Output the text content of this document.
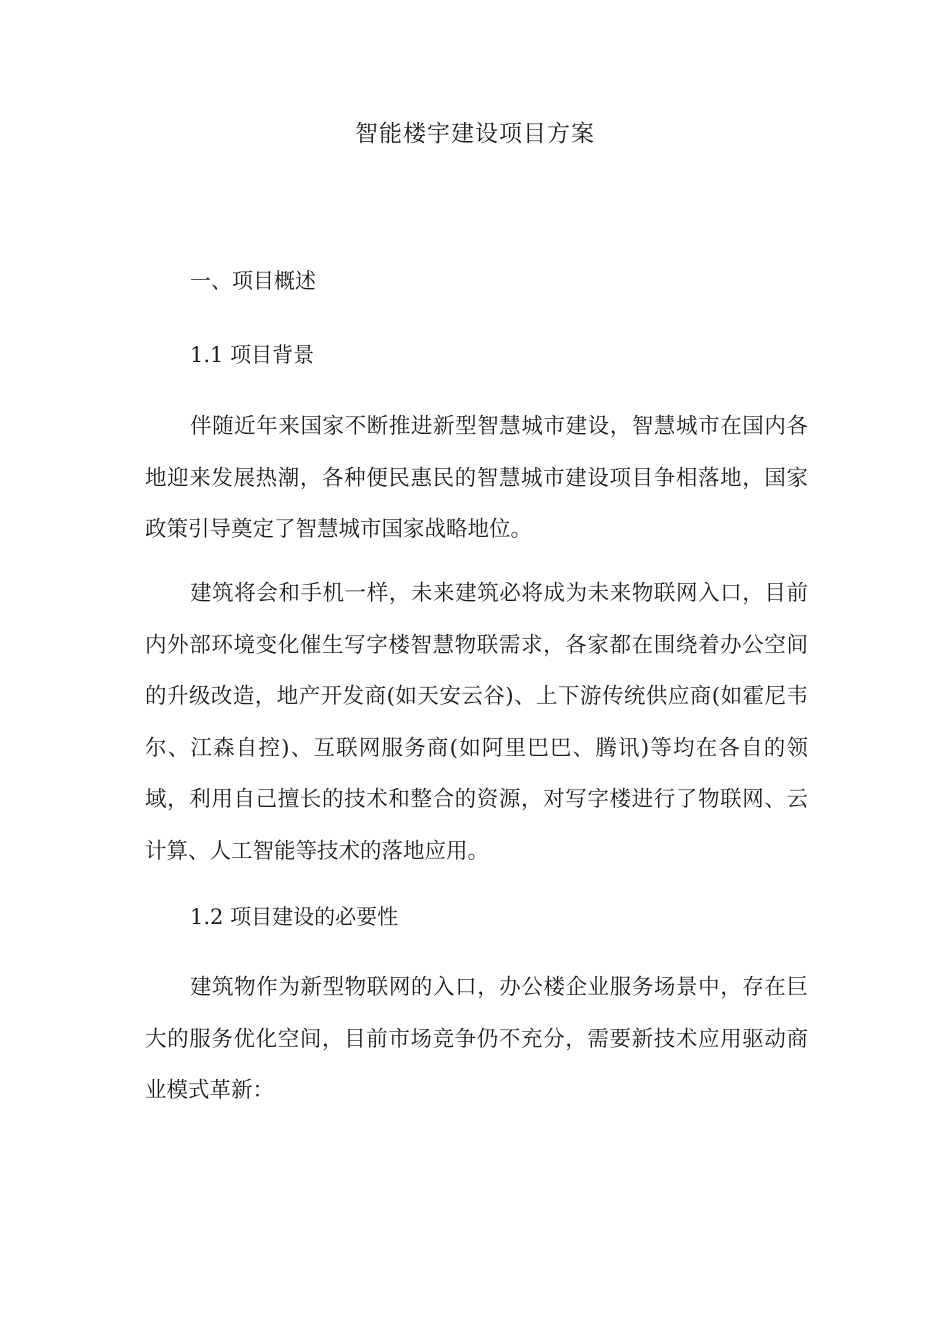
智能楼宇建设项目方案
一、项目概述
1.1 项目背景

伴随近年来国家不断推进新型智慧城市建设，智慧城市在国内各地迎来发展热潮，各种便民惠民的智慧城市建设项目争相落地，国家政策引导奠定了智慧城市国家战略地位。

建筑将会和手机一样，未来建筑必将成为未来物联网入口，目前内外部环境变化催生写字楼智慧物联需求，各家都在围绕着办公空间的升级改造，地产开发商(如天安云谷)、上下游传统供应商(如霍尼韦尔、江森自控)、互联网服务商(如阿里巴巴、腾讯)等均在各自的领域，利用自己擅长的技术和整合的资源，对写字楼进行了物联网、云计算、人工智能等技术的落地应用。

1.2 项目建设的必要性

建筑物作为新型物联网的入口，办公楼企业服务场景中，存在巨大的服务优化空间，目前市场竞争仍不充分，需要新技术应用驱动商业模式革新：
